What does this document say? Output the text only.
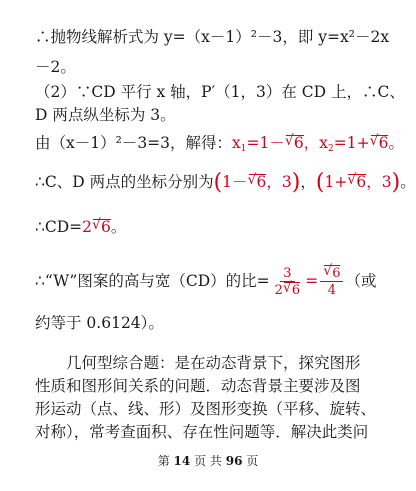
∴抛物线解析式为 y=（x－1）²－3，即 y=x²－2x
－2。
（2）∵CD 平行 x 轴，P′（1，3）在 CD 上，∴C、
D 两点纵坐标为 3。
由（x－1）²－3=3，解得：$x_1=1-√$ 6，$x_2=1+√$ 6。
∴C、D 两点的坐标分别为(1－√ 6，3)，(1+√ 6，3)。
∴CD=2√ 6。
∴“W”图案的高与宽（CD）的比= $\frac{3}{2√ 6}$ =
√ $\frac{6}{4}$ （或
约等于 0.6124）。
几何型综合题：是在动态背景下，探究图形
性质和图形间关系的问题．动态背景主要涉及图
形运动（点、线、形）及图形变换（平移、旋转、
对称），常考查面积、存在性问题等．解决此类问
第 14 页 共 96 页
